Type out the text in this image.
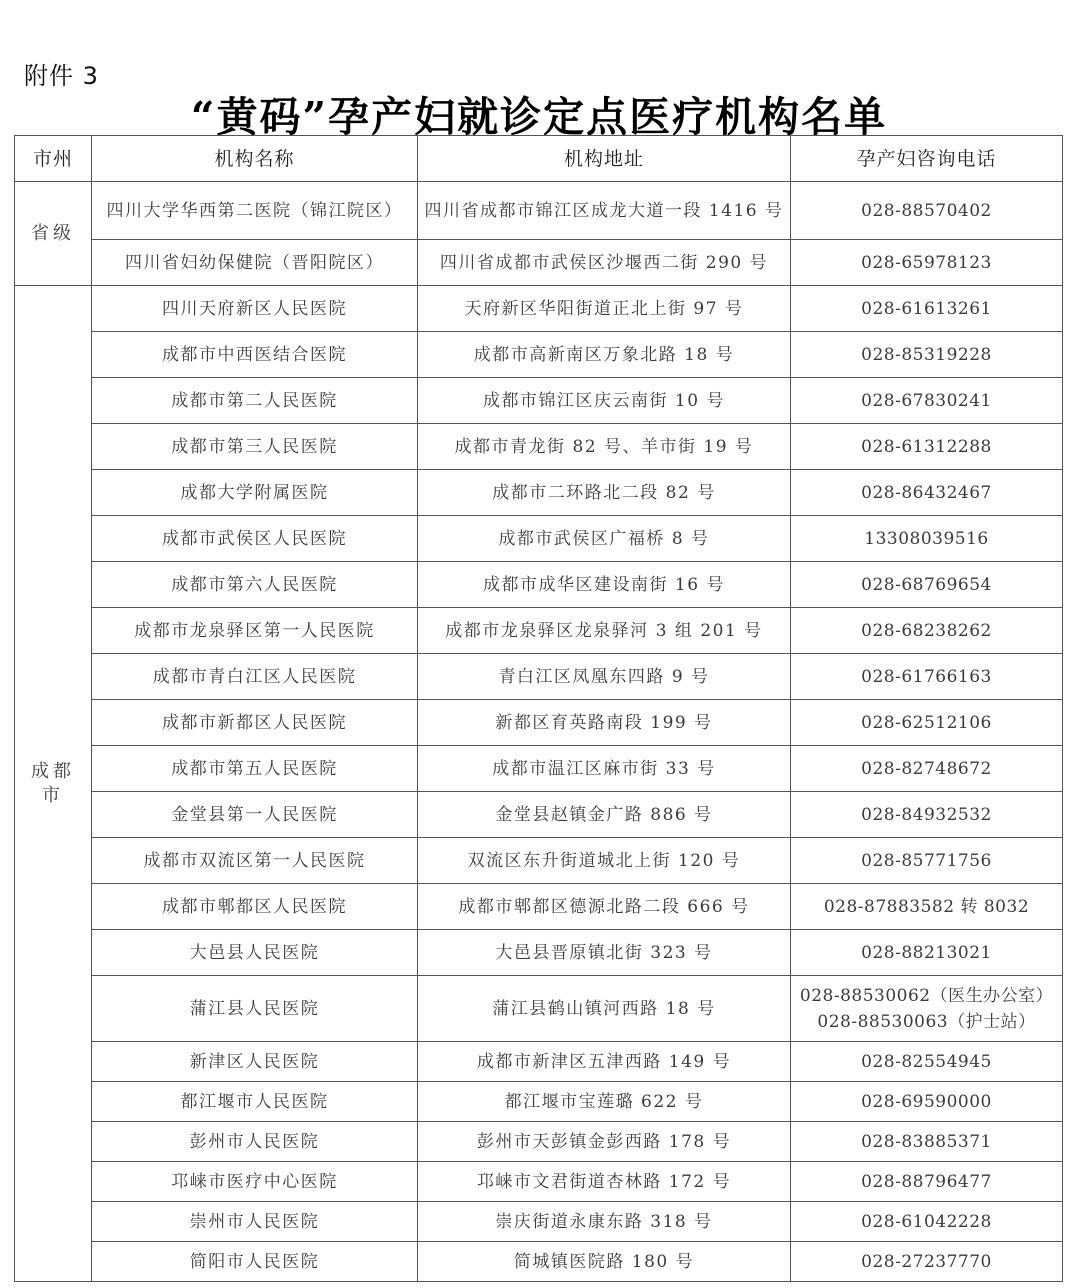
附件 3
“黄码”孕产妇就诊定点医疗机构名单
市州	机构名称	机构地址	孕产妇咨询电话
省级	四川大学华西第二医院（锦江院区）	四川省成都市锦江区成龙大道一段 1416 号	028-88570402
	四川省妇幼保健院（晋阳院区）	四川省成都市武侯区沙堰西二街 290 号	028-65978123
成都市	四川天府新区人民医院	天府新区华阳街道正北上街 97 号	028-61613261
	成都市中西医结合医院	成都市高新南区万象北路 18 号	028-85319228
	成都市第二人民医院	成都市锦江区庆云南街 10 号	028-67830241
	成都市第三人民医院	成都市青龙街 82 号、羊市街 19 号	028-61312288
	成都大学附属医院	成都市二环路北二段 82 号	028-86432467
	成都市武侯区人民医院	成都市武侯区广福桥 8 号	13308039516
	成都市第六人民医院	成都市成华区建设南街 16 号	028-68769654
	成都市龙泉驿区第一人民医院	成都市龙泉驿区龙泉驿河 3 组 201 号	028-68238262
	成都市青白江区人民医院	青白江区凤凰东四路 9 号	028-61766163
	成都市新都区人民医院	新都区育英路南段 199 号	028-62512106
	成都市第五人民医院	成都市温江区麻市街 33 号	028-82748672
	金堂县第一人民医院	金堂县赵镇金广路 886 号	028-84932532
	成都市双流区第一人民医院	双流区东升街道城北上街 120 号	028-85771756
	成都市郫都区人民医院	成都市郫都区德源北路二段 666 号	028-87883582 转 8032
	大邑县人民医院	大邑县晋原镇北街 323 号	028-88213021
	蒲江县人民医院	蒲江县鹤山镇河西路 18 号	028-88530062（医生办公室）
028-88530063（护士站）

	新津区人民医院	成都市新津区五津西路 149 号	028-82554945
	都江堰市人民医院	都江堰市宝莲璐 622 号	028-69590000
	彭州市人民医院	彭州市天彭镇金彭西路 178 号	028-83885371
	邛崃市医疗中心医院	邛崃市文君街道杏林路 172 号	028-88796477
	崇州市人民医院	崇庆街道永康东路 318 号	028-61042228
	简阳市人民医院	简城镇医院路 180 号	028-27237770
